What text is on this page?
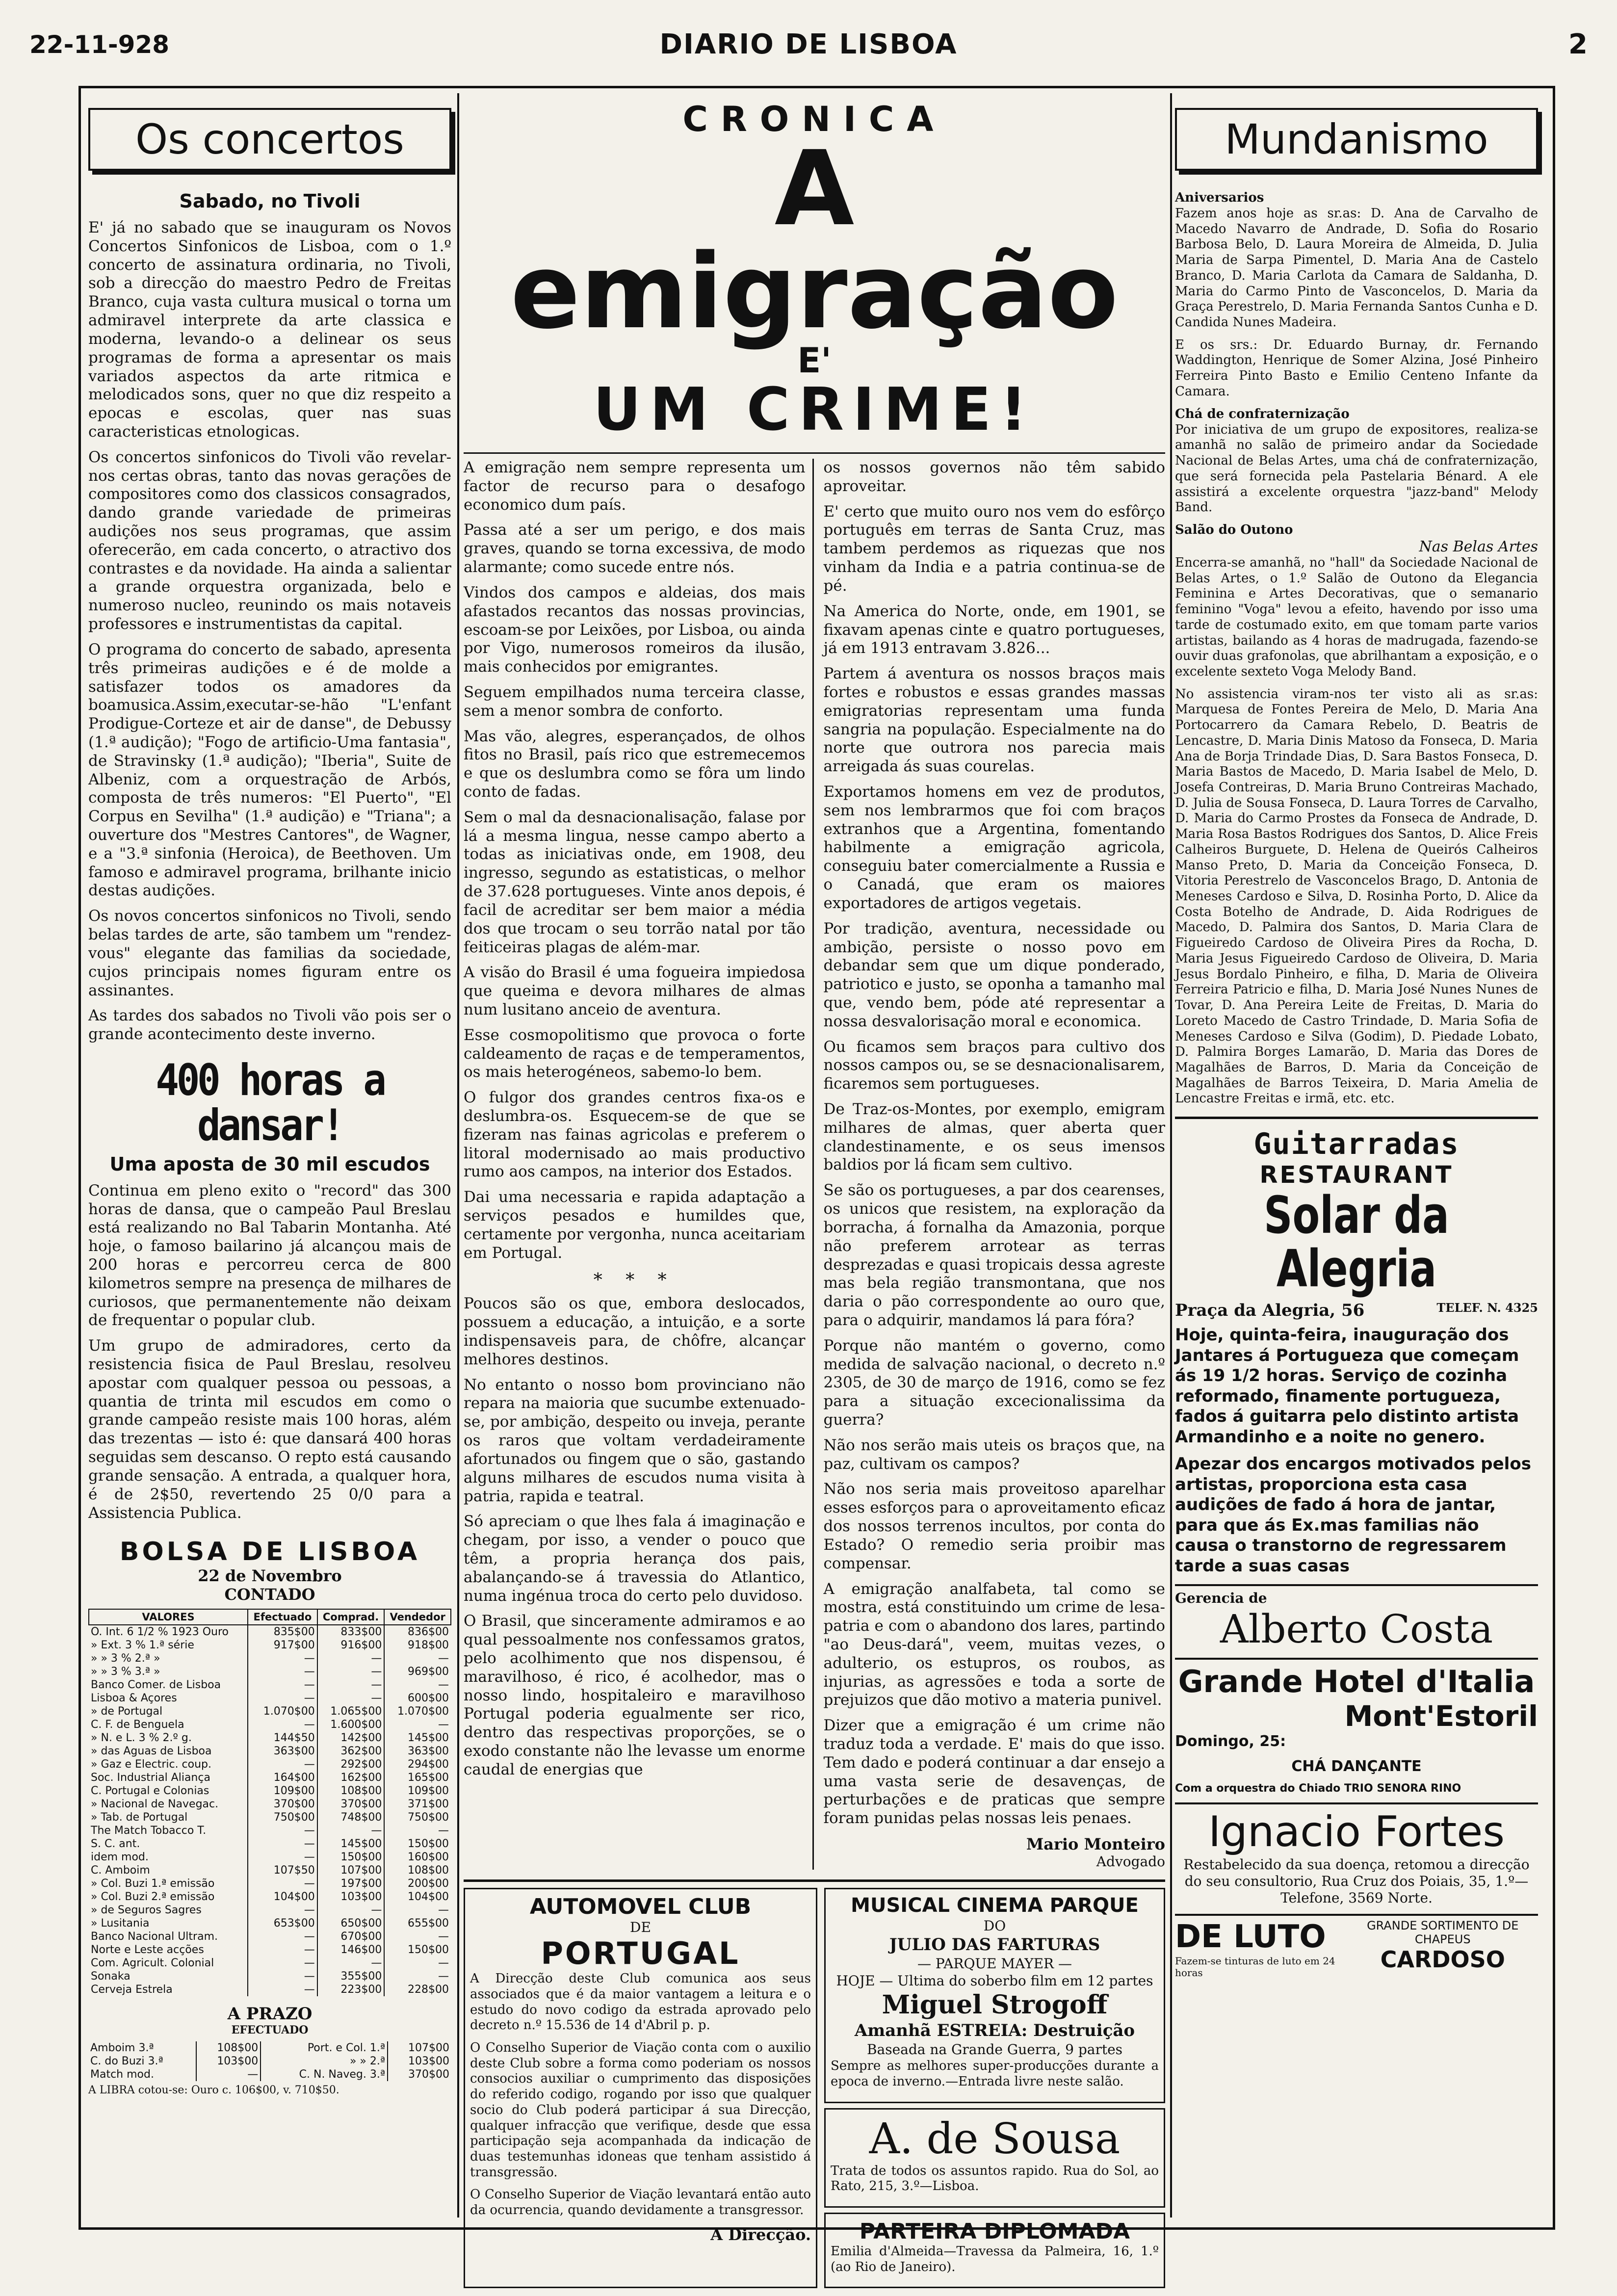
22-11-928	DIARIO DE LISBOA	2
Os concertos
Sabado, no Tivoli

E' já no sabado que se inauguram os Novos Concertos Sinfonicos de Lisboa, com o 1.º concerto de assinatura ordinaria, no Tivoli, sob a direcção do maestro Pedro de Freitas Branco, cuja vasta cultura musical o torna um admiravel interprete da arte classica e moderna, levando-o a delinear os seus programas de forma a apresentar os mais variados aspectos da arte ritmica e melodicados sons, quer no que diz respeito a epocas e escolas, quer nas suas caracteristicas etnologicas.

Os concertos sinfonicos do Tivoli vão revelar-nos certas obras, tanto das novas gerações de compositores como dos classicos consagrados, dando grande variedade de primeiras audições nos seus programas, que assim oferecerão, em cada concerto, o atractivo dos contrastes e da novidade. Ha ainda a salientar a grande orquestra organizada, belo e numeroso nucleo, reunindo os mais notaveis professores e instrumentistas da capital.

O programa do concerto de sabado, apresenta três primeiras audições e é de molde a satisfazer todos os amadores da boamusica.Assim,executar-se-hão "L'enfant Prodigue-Corteze et air de danse", de Debussy (1.ª audição); "Fogo de artificio-Uma fantasia", de Stravinsky (1.ª audição); "Iberia", Suite de Albeniz, com a orquestração de Arbós, composta de três numeros: "El Puerto", "El Corpus en Sevilha" (1.ª audição) e "Triana"; a ouverture dos "Mestres Cantores", de Wagner, e a "3.ª sinfonia (Heroica), de Beethoven. Um famoso e admiravel programa, brilhante inicio destas audições.

Os novos concertos sinfonicos no Tivoli, sendo belas tardes de arte, são tambem um "rendez-vous" elegante das familias da sociedade, cujos principais nomes figuram entre os assinantes.

As tardes dos sabados no Tivoli vão pois ser o grande acontecimento deste inverno.

400 horas a dansar!
Uma aposta de 30 mil escudos

Continua em pleno exito o "record" das 300 horas de dansa, que o campeão Paul Breslau está realizando no Bal Tabarin Montanha. Até hoje, o famoso bailarino já alcançou mais de 200 horas e percorreu cerca de 800 kilometros sempre na presença de milhares de curiosos, que permanentemente não deixam de frequentar o popular club.

Um grupo de admiradores, certo da resistencia fisica de Paul Breslau, resolveu apostar com qualquer pessoa ou pessoas, a quantia de trinta mil escudos em como o grande campeão resiste mais 100 horas, além das trezentas — isto é: que dansará 400 horas seguidas sem descanso. O repto está causando grande sensação. A entrada, a qualquer hora, é de 2$50, revertendo 25 0/0 para a Assistencia Publica.

BOLSA DE LISBOA
22 de Novembro
CONTADO
VALORES	Efectuado	Comprad.	Vendedor
O. Int. 6 1/2 % 1923 Ouro	835$00	833$00	836$00
» Ext. 3 % 1.ª série	917$00	916$00	918$00
» » 3 % 2.ª »	—	—	—
» » 3 % 3.ª »	—	—	969$00
Banco Comer. de Lisboa	—	—	—
Lisboa & Açores	—	—	600$00
» de Portugal	1.070$00	1.065$00	1.070$00
C. F. de Benguela	—	1.600$00	—
» N. e L. 3 % 2.º g.	144$50	142$00	145$00
» das Aguas de Lisboa	363$00	362$00	363$00
» Gaz e Electric. coup.	—	292$00	294$00
Soc. Industrial Aliança	164$00	162$00	165$00
C. Portugal e Colonias	109$00	108$00	109$00
» Nacional de Navegac.	370$00	370$00	371$00
» Tab. de Portugal	750$00	748$00	750$00
The Match Tobacco T.	—	—	—
S. C. ant.	—	145$00	150$00
idem mod.	—	150$00	160$00
C. Amboim	107$50	107$00	108$00
» Col. Buzi 1.ª emissão	—	197$00	200$00
» Col. Buzi 2.ª emissão	104$00	103$00	104$00
» de Seguros Sagres	—	—	—
» Lusitania	653$00	650$00	655$00
Banco Nacional Ultram.	—	670$00	—
Norte e Leste acções	—	146$00	150$00
Com. Agricult. Colonial	—	—	—
Sonaka	—	355$00	—
Cerveja Estrela	—	223$00	228$00
A PRAZO
EFECTUADO
Amboim 3.ª	108$00	Port. e Col. 1.ª	107$00
C. do Buzi 3.ª	103$00	» » 2.ª	103$00
Match mod.	—	C. N. Naveg. 3.ª	370$00
A LIBRA cotou-se: Ouro c. 106$00, v. 710$50.
CRONICA
A emigração
E'
UM CRIME!

A emigração nem sempre representa um factor de recurso para o desafogo economico dum país.

Passa até a ser um perigo, e dos mais graves, quando se torna excessiva, de modo alarmante; como sucede entre nós.

Vindos dos campos e aldeias, dos mais afastados recantos das nossas provincias, escoam-se por Leixões, por Lisboa, ou ainda por Vigo, numerosos romeiros da ilusão, mais conhecidos por emigrantes.

Seguem empilhados numa terceira classe, sem a menor sombra de conforto.

Mas vão, alegres, esperançados, de olhos fitos no Brasil, país rico que estremecemos e que os deslumbra como se fôra um lindo conto de fadas.

Sem o mal da desnacionalisação, falase por lá a mesma lingua, nesse campo aberto a todas as iniciativas onde, em 1908, deu ingresso, segundo as estatisticas, o melhor de 37.628 portugueses. Vinte anos depois, é facil de acreditar ser bem maior a média dos que trocam o seu torrão natal por tão feiticeiras plagas de além-mar.

A visão do Brasil é uma fogueira impiedosa que queima e devora milhares de almas num lusitano anceio de aventura.

Esse cosmopolitismo que provoca o forte caldeamento de raças e de temperamentos, os mais heterogéneos, sabemo-lo bem.

O fulgor dos grandes centros fixa-os e deslumbra-os. Esquecem-se de que se fizeram nas fainas agricolas e preferem o litoral modernisado ao mais productivo rumo aos campos, na interior dos Estados.

Dai uma necessaria e rapida adaptação a serviços pesados e humildes que, certamente por vergonha, nunca aceitariam em Portugal.

* * *

Poucos são os que, embora deslocados, possuem a educação, a intuição, e a sorte indispensaveis para, de chôfre, alcançar melhores destinos.

No entanto o nosso bom provinciano não repara na maioria que sucumbe extenuado-se, por ambição, despeito ou inveja, perante os raros que voltam verdadeiramente afortunados ou fingem que o são, gastando alguns milhares de escudos numa visita à patria, rapida e teatral.

Só apreciam o que lhes fala á imaginação e chegam, por isso, a vender o pouco que têm, a propria herança dos pais, abalançando-se á travessia do Atlantico, numa ingénua troca do certo pelo duvidoso.

O Brasil, que sinceramente admiramos e ao qual pessoalmente nos confessamos gratos, pelo acolhimento que nos dispensou, é maravilhoso, é rico, é acolhedor, mas o nosso lindo, hospitaleiro e maravilhoso Portugal poderia egualmente ser rico, dentro das respectivas proporções, se o exodo constante não lhe levasse um enorme caudal de energias que

os nossos governos não têm sabido aproveitar.

E' certo que muito ouro nos vem do esfôrço português em terras de Santa Cruz, mas tambem perdemos as riquezas que nos vinham da India e a patria continua-se de pé.

Na America do Norte, onde, em 1901, se fixavam apenas cinte e quatro portugueses, já em 1913 entravam 3.826...

Partem á aventura os nossos braços mais fortes e robustos e essas grandes massas emigratorias representam uma funda sangria na população. Especialmente na do norte que outrora nos parecia mais arreigada ás suas courelas.

Exportamos homens em vez de produtos, sem nos lembrarmos que foi com braços extranhos que a Argentina, fomentando habilmente a emigração agricola, conseguiu bater comercialmente a Russia e o Canadá, que eram os maiores exportadores de artigos vegetais.

Por tradição, aventura, necessidade ou ambição, persiste o nosso povo em debandar sem que um dique ponderado, patriotico e justo, se oponha a tamanho mal que, vendo bem, póde até representar a nossa desvalorisação moral e economica.

Ou ficamos sem braços para cultivo dos nossos campos ou, se se desnacionalisarem, ficaremos sem portugueses.

De Traz-os-Montes, por exemplo, emigram milhares de almas, quer aberta quer clandestinamente, e os seus imensos baldios por lá ficam sem cultivo.

Se são os portugueses, a par dos cearenses, os unicos que resistem, na exploração da borracha, á fornalha da Amazonia, porque não preferem arrotear as terras desprezadas e quasi tropicais dessa agreste mas bela região transmontana, que nos daria o pão correspondente ao ouro que, para o adquirir, mandamos lá para fóra?

Porque não mantém o governo, como medida de salvação nacional, o decreto n.º 2305, de 30 de março de 1916, como se fez para a situação excecionalissima da guerra?

Não nos serão mais uteis os braços que, na paz, cultivam os campos?

Não nos seria mais proveitoso aparelhar esses esforços para o aproveitamento eficaz dos nossos terrenos incultos, por conta do Estado? O remedio seria proibir mas compensar.

A emigração analfabeta, tal como se mostra, está constituindo um crime de lesa-patria e com o abandono dos lares, partindo "ao Deus-dará", veem, muitas vezes, o adulterio, os estupros, os roubos, as injurias, as agressões e toda a sorte de prejuizos que dão motivo a materia punivel.

Dizer que a emigração é um crime não traduz toda a verdade. E' mais do que isso. Tem dado e poderá continuar a dar ensejo a uma vasta serie de desavenças, de perturbações e de praticas que sempre foram punidas pelas nossas leis penaes.

Mario Monteiro
Advogado
AUTOMOVEL CLUB
DE
PORTUGAL

A Direcção deste Club comunica aos seus associados que é da maior vantagem a leitura e o estudo do novo codigo da estrada aprovado pelo decreto n.º 15.536 de 14 d'Abril p. p.

O Conselho Superior de Viação conta com o auxilio deste Club sobre a forma como poderiam os nossos consocios auxiliar o cumprimento das disposições do referido codigo, rogando por isso que qualquer socio do Club poderá participar á sua Direcção, qualquer infracção que verifique, desde que essa participação seja acompanhada da indicação de duas testemunhas idoneas que tenham assistido á transgressão.

O Conselho Superior de Viação levantará então auto da ocurrencia, quando devidamente a transgressor.

A Direcção.
MUSICAL CINEMA PARQUE
DO
JULIO DAS FARTURAS
— PARQUE MAYER —
HOJE — Ultima do soberbo film em 12 partes
Miguel Strogoff
Amanhã ESTREIA: Destruição
Baseada na Grande Guerra, 9 partes

Sempre as melhores super-producções durante a epoca de inverno.—Entrada livre neste salão.

A. de Sousa

Trata de todos os assuntos rapido. Rua do Sol, ao Rato, 215, 3.º—Lisboa.

PARTEIRA DIPLOMADA

Emilia d'Almeida—Travessa da Palmeira, 16, 1.º (ao Rio de Janeiro).

Mundanismo
Aniversarios

Fazem anos hoje as sr.as: D. Ana de Carvalho de Macedo Navarro de Andrade, D. Sofia do Rosario Barbosa Belo, D. Laura Moreira de Almeida, D. Julia Maria de Sarpa Pimentel, D. Maria Ana de Castelo Branco, D. Maria Carlota da Camara de Saldanha, D. Maria do Carmo Pinto de Vasconcelos, D. Maria da Graça Perestrelo, D. Maria Fernanda Santos Cunha e D. Candida Nunes Madeira.

E os srs.: Dr. Eduardo Burnay, dr. Fernando Waddington, Henrique de Somer Alzina, José Pinheiro Ferreira Pinto Basto e Emilio Centeno Infante da Camara.

Chá de confraternização

Por iniciativa de um grupo de expositores, realiza-se amanhã no salão de primeiro andar da Sociedade Nacional de Belas Artes, uma chá de confraternização, que será fornecida pela Pastelaria Bénard. A ele assistirá a excelente orquestra "jazz-band" Melody Band.

Salão do Outono
Nas Belas Artes

Encerra-se amanhã, no "hall" da Sociedade Nacional de Belas Artes, o 1.º Salão de Outono da Elegancia Feminina e Artes Decorativas, que o semanario feminino "Voga" levou a efeito, havendo por isso uma tarde de costumado exito, em que tomam parte varios artistas, bailando as 4 horas de madrugada, fazendo-se ouvir duas grafonolas, que abrilhantam a exposição, e o excelente sexteto Voga Melody Band.

No assistencia viram-nos ter visto ali as sr.as: Marquesa de Fontes Pereira de Melo, D. Maria Ana Portocarrero da Camara Rebelo, D. Beatris de Lencastre, D. Maria Dinis Matoso da Fonseca, D. Maria Ana de Borja Trindade Dias, D. Sara Bastos Fonseca, D. Maria Bastos de Macedo, D. Maria Isabel de Melo, D. Josefa Contreiras, D. Maria Bruno Contreiras Machado, D. Julia de Sousa Fonseca, D. Laura Torres de Carvalho, D. Maria do Carmo Prostes da Fonseca de Andrade, D. Maria Rosa Bastos Rodrigues dos Santos, D. Alice Freis Calheiros Burguete, D. Helena de Queirós Calheiros Manso Preto, D. Maria da Conceição Fonseca, D. Vitoria Perestrelo de Vasconcelos Brago, D. Antonia de Meneses Cardoso e Silva, D. Rosinha Porto, D. Alice da Costa Botelho de Andrade, D. Aida Rodrigues de Macedo, D. Palmira dos Santos, D. Maria Clara de Figueiredo Cardoso de Oliveira Pires da Rocha, D. Maria Jesus Figueiredo Cardoso de Oliveira, D. Maria Jesus Bordalo Pinheiro, e filha, D. Maria de Oliveira Ferreira Patricio e filha, D. Maria José Nunes Nunes de Tovar, D. Ana Pereira Leite de Freitas, D. Maria do Loreto Macedo de Castro Trindade, D. Maria Sofia de Meneses Cardoso e Silva (Godim), D. Piedade Lobato, D. Palmira Borges Lamarão, D. Maria das Dores de Magalhães de Barros, D. Maria da Conceição de Magalhães de Barros Teixeira, D. Maria Amelia de Lencastre Freitas e irmã, etc. etc.

Guitarradas
RESTAURANT
Solar da Alegria
Praça da Alegria, 56	TELEF. N. 4325

Hoje, quinta-feira, inauguração dos Jantares á Portugueza que começam ás 19 1/2 horas. Serviço de cozinha reformado, finamente portugueza, fados á guitarra pelo distinto artista Armandinho e a noite no genero.

Apezar dos encargos motivados pelos artistas, proporciona esta casa audições de fado á hora de jantar, para que ás Ex.mas familias não causa o transtorno de regressarem tarde a suas casas

Gerencia de
Alberto Costa
Grande Hotel d'Italia
Mont'Estoril

Domingo, 25:

CHÁ DANÇANTE

Com a orquestra do Chiado TRIO SENORA RINO

Ignacio Fortes

Restabelecido da sua doença, retomou a direcção do seu consultorio, Rua Cruz dos Poiais, 35, 1.º—Telefone, 3569 Norte.

DE LUTO
Fazem-se tinturas de luto em 24 horas
GRANDE SORTIMENTO DE CHAPEUS
CARDOSO
